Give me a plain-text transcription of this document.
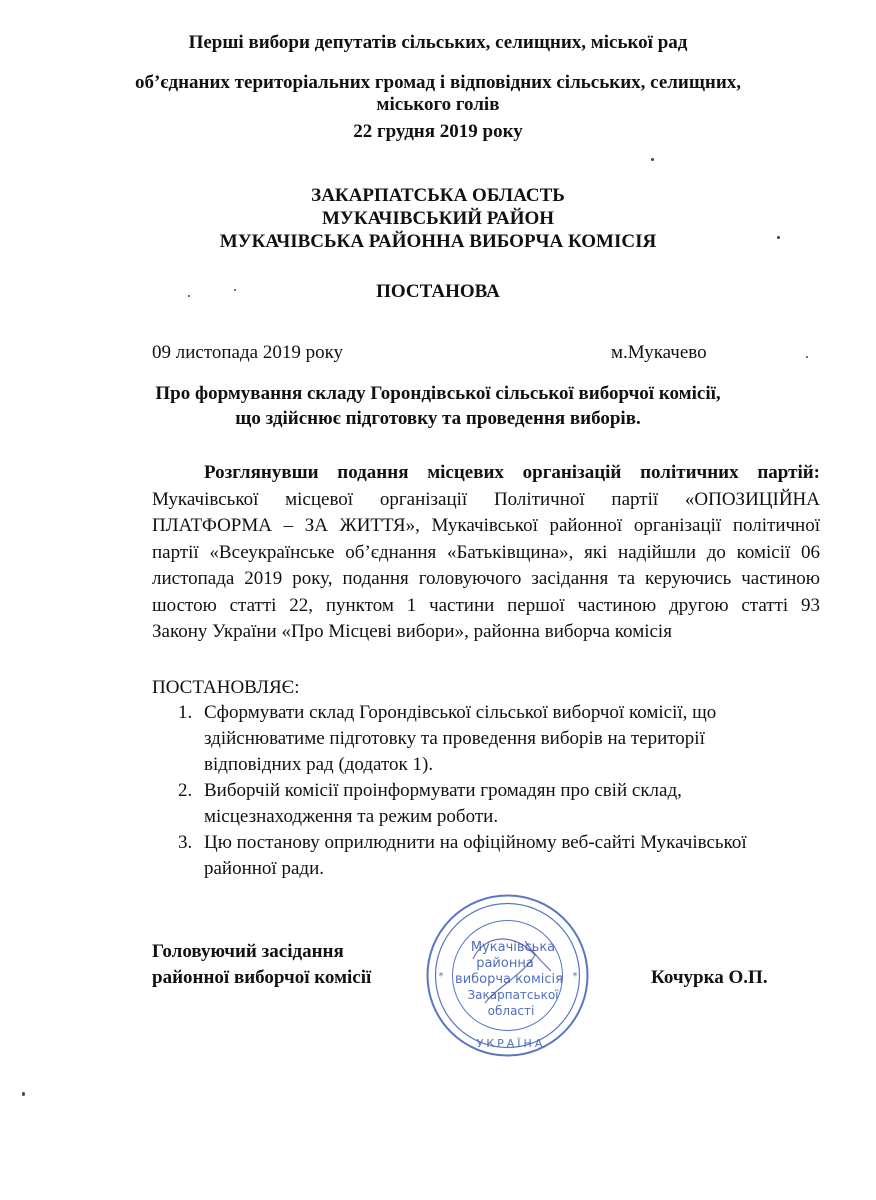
Перші вибори депутатів сільських, селищних, міської рад
об’єднаних територіальних громад і відповідних сільських, селищних,
міського голів
22 грудня 2019 року
ЗАКАРПАТСЬКА ОБЛАСТЬ
МУКАЧІВСЬКИЙ РАЙОН
МУКАЧІВСЬКА РАЙОННА ВИБОРЧА КОМІСІЯ
ПОСТАНОВА
09 листопада 2019 року	м.Мукачево
Про формування складу Горондівської сільської виборчої комісії,
що здійснює підготовку та проведення виборів.
Розглянувши подання місцевих організацій політичних партій:
Мукачівської місцевої організації Політичної партії «ОПОЗИЦІЙНА
ПЛАТФОРМА – ЗА ЖИТТЯ», Мукачівської районної організації політичної
партії «Всеукраїнське об’єднання «Батьківщина», які надійшли до комісії 06
листопада 2019 року, подання головуючого засідання та керуючись частиною
шостою статті 22, пунктом 1 частини першої частиною другою статті 93
Закону України «Про Місцеві вибори», районна виборча комісія
ПОСТАНОВЛЯЄ:
1. Сформувати склад Горондівської сільської виборчої комісії, що
здійснюватиме підготовку та проведення виборів на території
відповідних рад (додаток 1).
2. Виборчій комісії проінформувати громадян про свій склад,
місцезнаходження та режим роботи.
3. Цю постанову оприлюднити на офіційному веб-сайті Мукачівської
районної ради.
Головуючий засідання
районної виборчої комісії	Кочурка О.П.
Мукачівська
районна
виборча комісія
Закарпатської
області
УКРАЇНА
*	*
